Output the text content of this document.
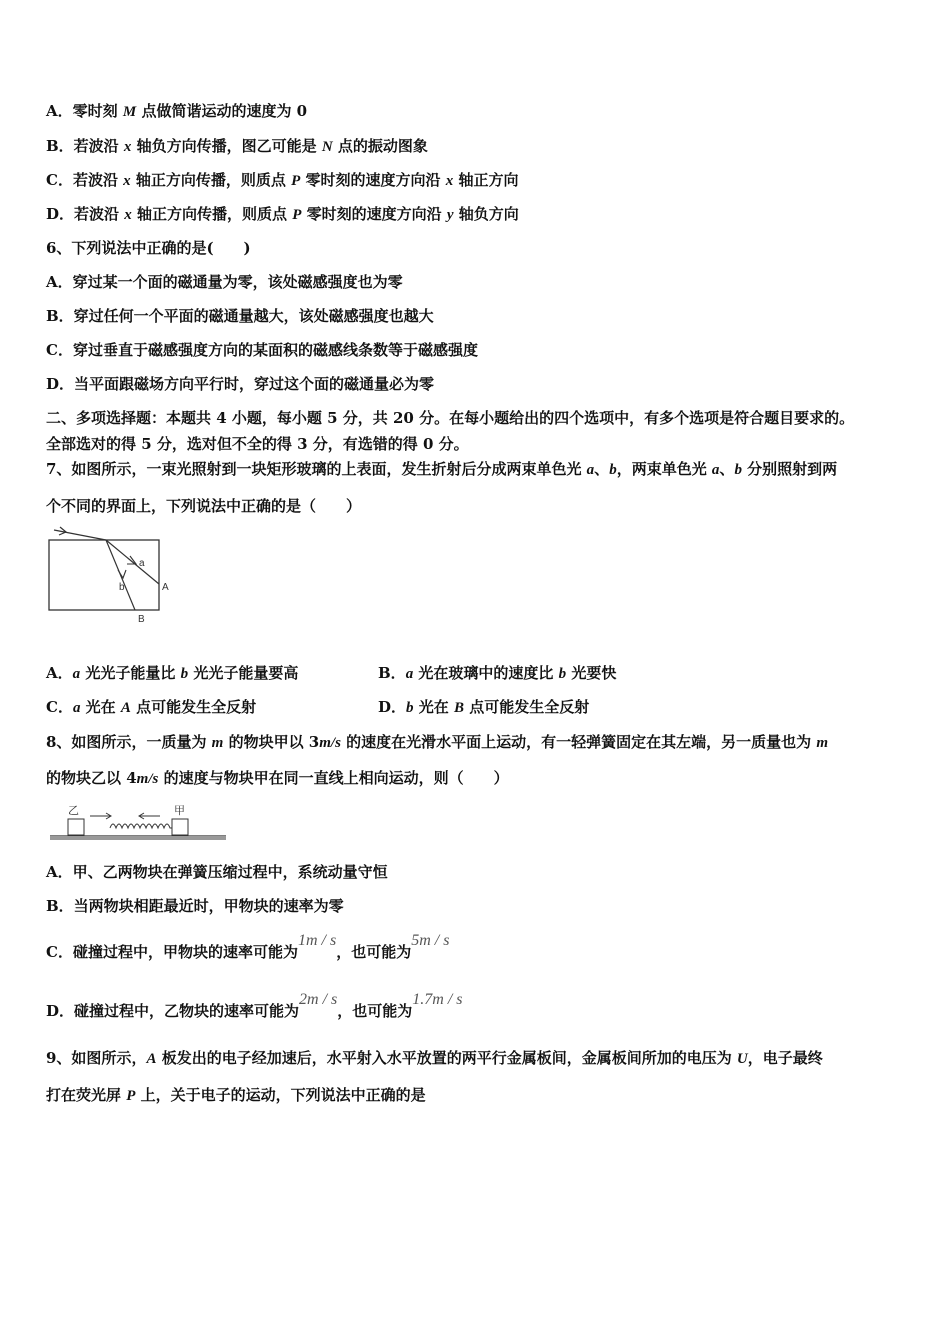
A．零时刻 M 点做简谐运动的速度为 0
B．若波沿 x 轴负方向传播，图乙可能是 N 点的振动图象
C．若波沿 x 轴正方向传播，则质点 P 零时刻的速度方向沿 x 轴正方向
D．若波沿 x 轴正方向传播，则质点 P 零时刻的速度方向沿 y 轴负方向
6、下列说法中正确的是(　　)
A．穿过某一个面的磁通量为零，该处磁感强度也为零
B．穿过任何一个平面的磁通量越大，该处磁感强度也越大
C．穿过垂直于磁感强度方向的某面积的磁感线条数等于磁感强度
D．当平面跟磁场方向平行时，穿过这个面的磁通量必为零
二、多项选择题：本题共 4 小题，每小题 5 分，共 20 分。在每小题给出的四个选项中，有多个选项是符合题目要求的。
全部选对的得 5 分，选对但不全的得 3 分，有选错的得 0 分。
7、如图所示，一束光照射到一块矩形玻璃的上表面，发生折射后分成两束单色光 a、b，两束单色光 a、b 分别照射到两
个不同的界面上，下列说法中正确的是（　　）
a
b	A
B
A．a 光光子能量比 b 光光子能量要高	B．a 光在玻璃中的速度比 b 光要快
C．a 光在 A 点可能发生全反射	D．b 光在 B 点可能发生全反射
8、如图所示，一质量为 m 的物块甲以 3m/s 的速度在光滑水平面上运动，有一轻弹簧固定在其左端，另一质量也为 m
的物块乙以 4m/s 的速度与物块甲在同一直线上相向运动，则（　　）
乙	甲
A．甲、乙两物块在弹簧压缩过程中，系统动量守恒
B．当两物块相距最近时，甲物块的速率为零
C．碰撞过程中，甲物块的速率可能为1m / s，也可能为5m / s
D．碰撞过程中，乙物块的速率可能为2m / s，也可能为1.7m / s
9、如图所示，A 板发出的电子经加速后，水平射入水平放置的两平行金属板间，金属板间所加的电压为 U，电子最终
打在荧光屏 P 上，关于电子的运动，下列说法中正确的是
